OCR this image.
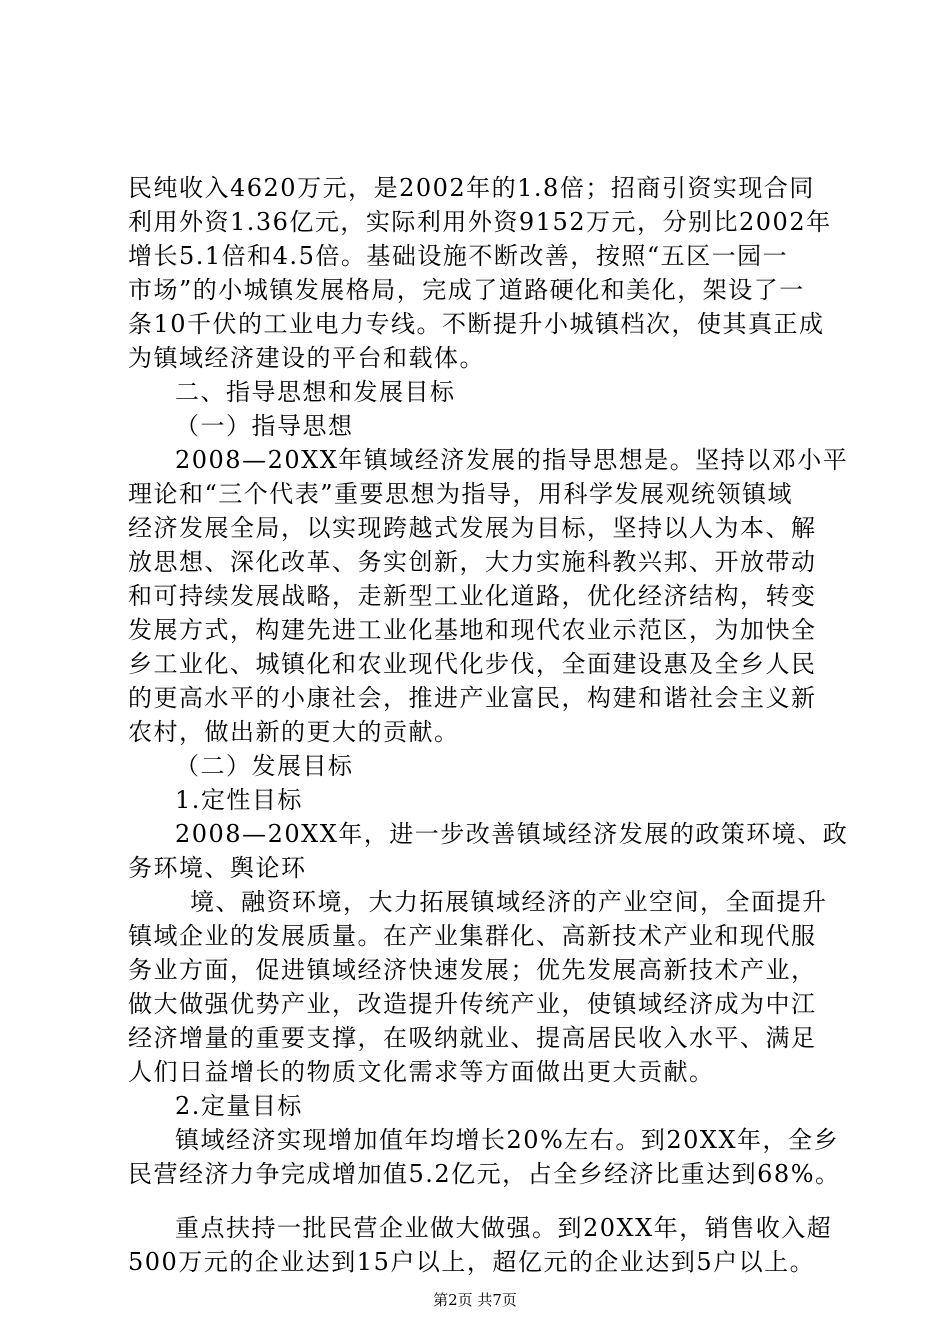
民纯收入4620万元，是2002年的1.8倍；招商引资实现合同

利用外资1.36亿元，实际利用外资9152万元，分别比2002年

增长5.1倍和4.5倍。基础设施不断改善，按照“五区一园一

市场”的小城镇发展格局，完成了道路硬化和美化，架设了一

条10千伏的工业电力专线。不断提升小城镇档次，使其真正成

为镇域经济建设的平台和载体。

二、指导思想和发展目标

（一）指导思想

2008—20XX年镇域经济发展的指导思想是。坚持以邓小平

理论和“三个代表”重要思想为指导，用科学发展观统领镇域

经济发展全局，以实现跨越式发展为目标，坚持以人为本、解

放思想、深化改革、务实创新，大力实施科教兴邦、开放带动

和可持续发展战略，走新型工业化道路，优化经济结构，转变

发展方式，构建先进工业化基地和现代农业示范区，为加快全

乡工业化、城镇化和农业现代化步伐，全面建设惠及全乡人民

的更高水平的小康社会，推进产业富民，构建和谐社会主义新

农村，做出新的更大的贡献。

（二）发展目标

1.定性目标

2008—20XX年，进一步改善镇域经济发展的政策环境、政

务环境、舆论环

境、融资环境，大力拓展镇域经济的产业空间，全面提升

镇域企业的发展质量。在产业集群化、高新技术产业和现代服

务业方面，促进镇域经济快速发展；优先发展高新技术产业，

做大做强优势产业，改造提升传统产业，使镇域经济成为中江

经济增量的重要支撑，在吸纳就业、提高居民收入水平、满足

人们日益增长的物质文化需求等方面做出更大贡献。

2.定量目标

镇域经济实现增加值年均增长20%左右。到20XX年，全乡

民营经济力争完成增加值5.2亿元，占全乡经济比重达到68%。

重点扶持一批民营企业做大做强。到20XX年，销售收入超

500万元的企业达到15户以上，超亿元的企业达到5户以上。

第2页 共7页
